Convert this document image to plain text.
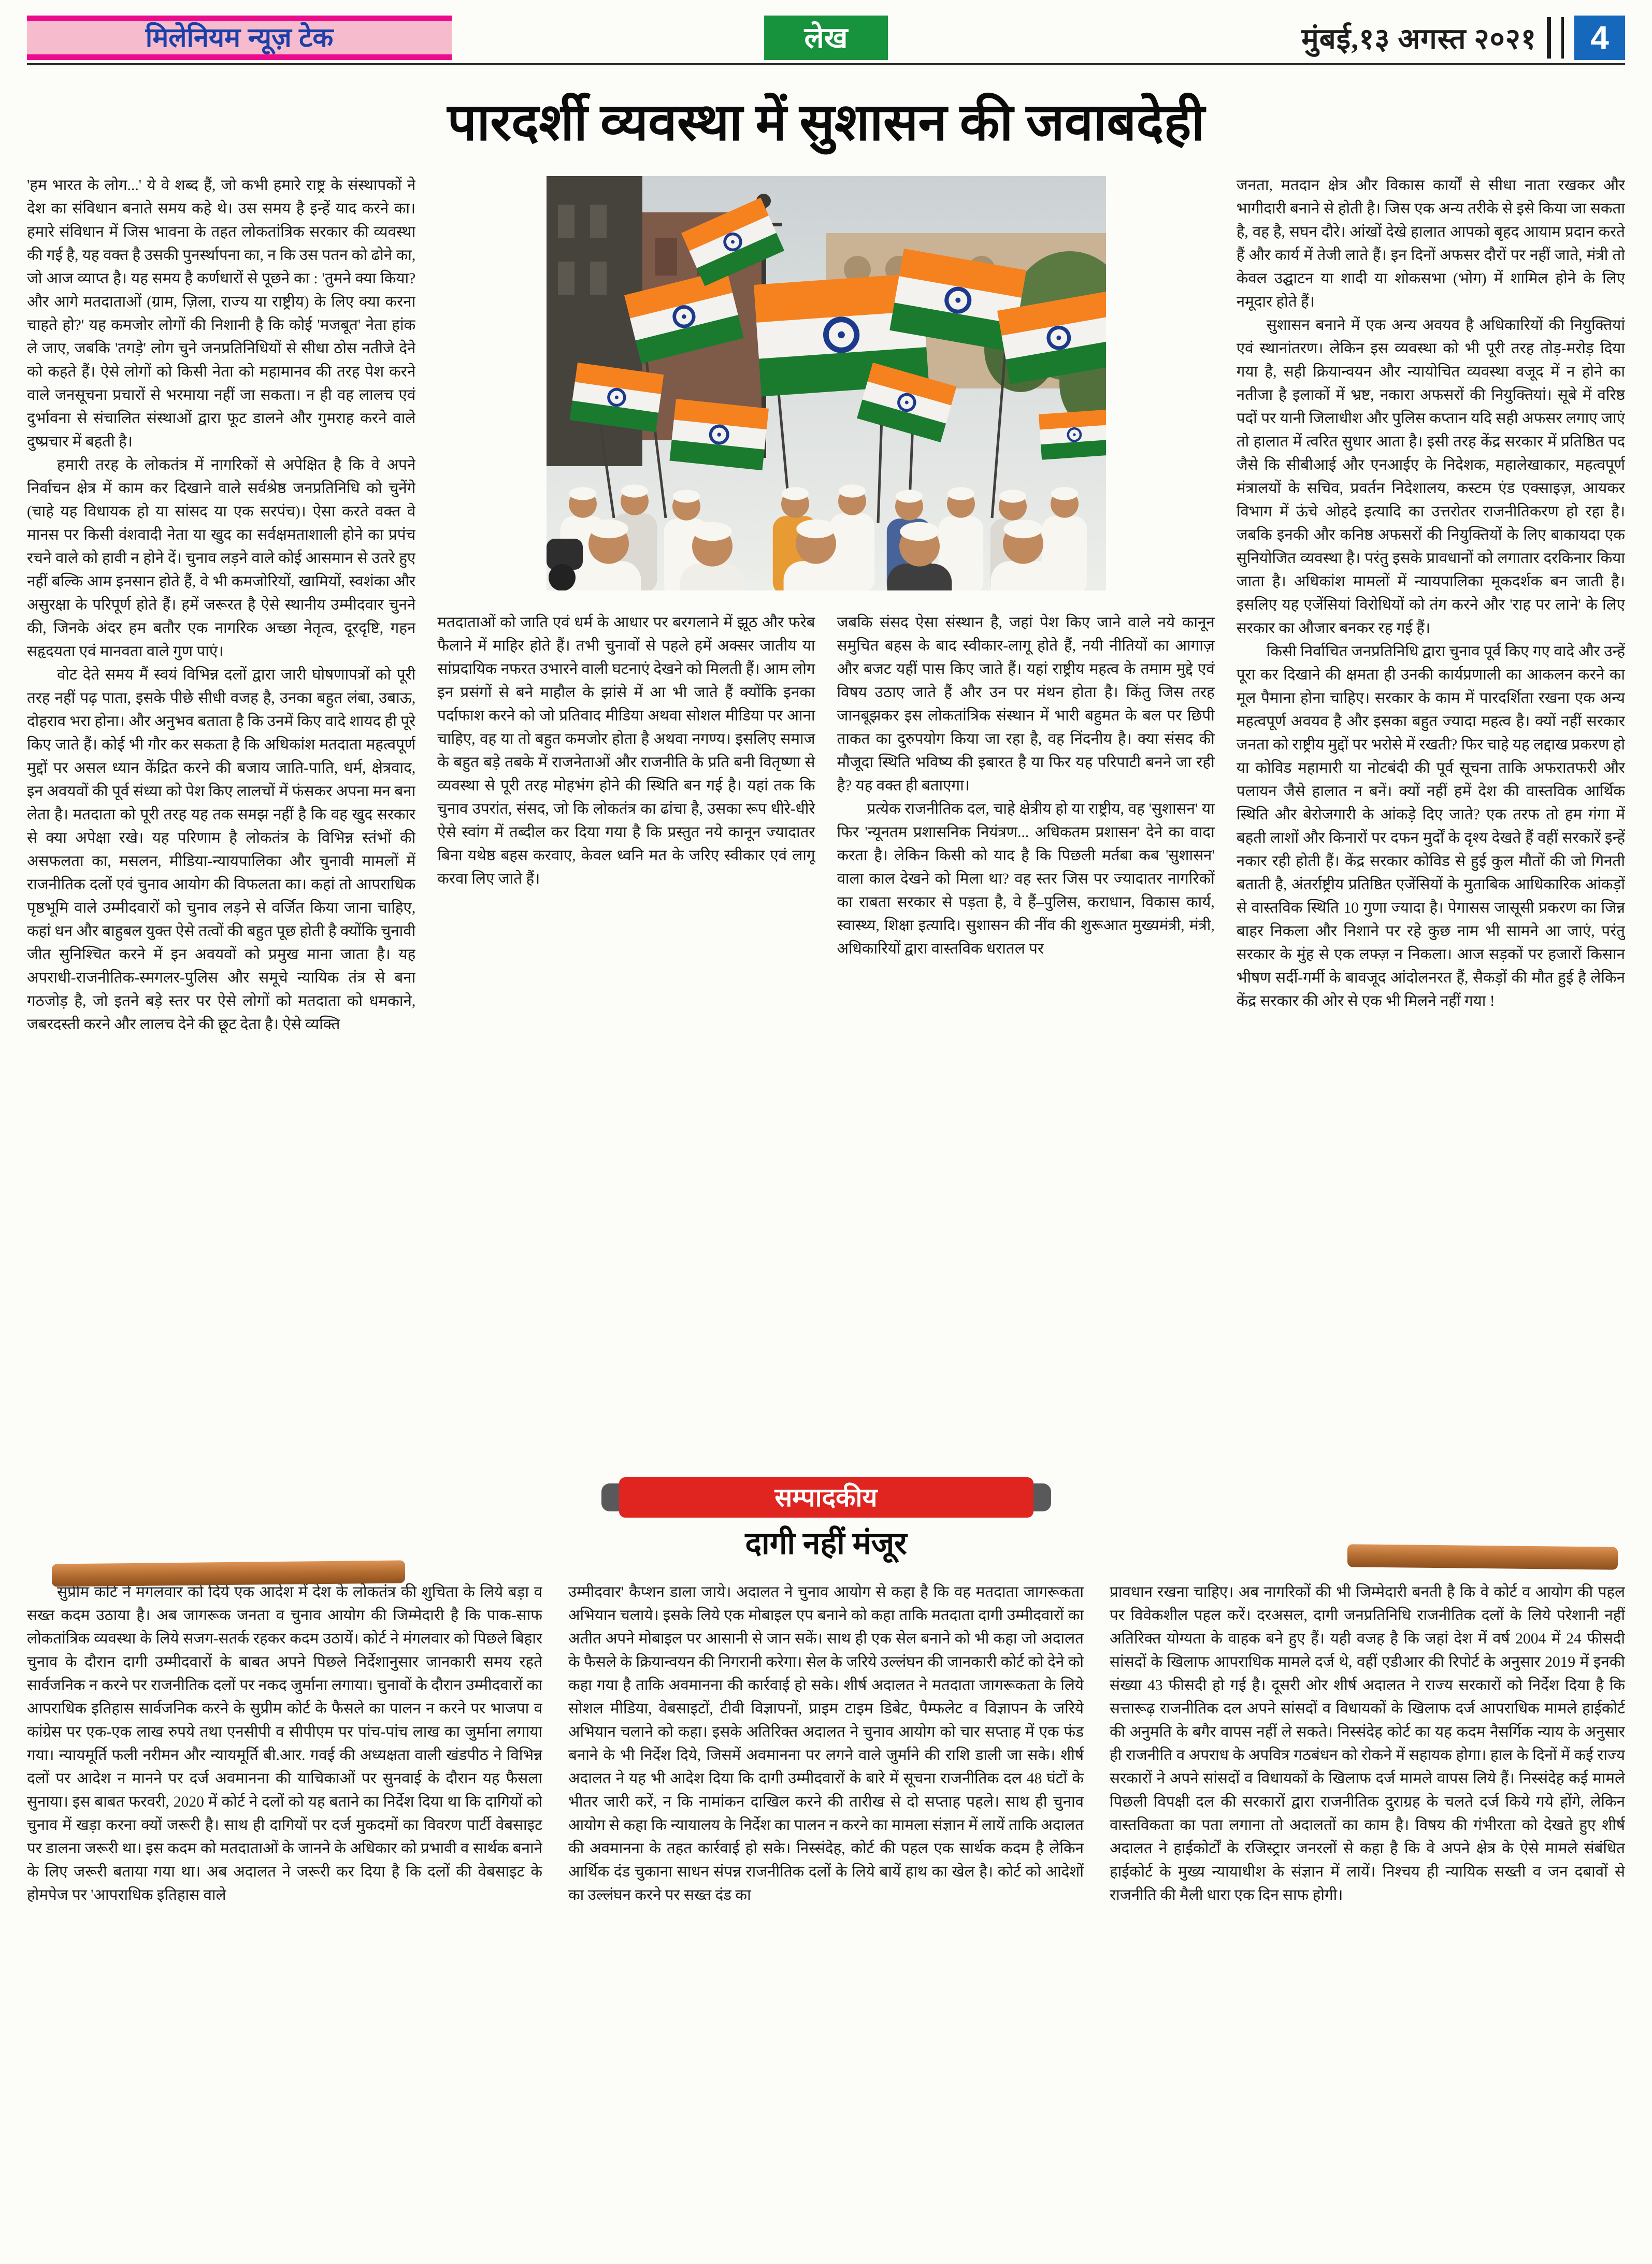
मिलेनियम न्यूज़ टेक	लेख	मुंबई,१३ अगस्त २०२१	4
पारदर्शी व्यवस्था में सुशासन की जवाबदेही

'हम भारत के लोग...' ये वे शब्द हैं, जो कभी हमारे राष्ट्र के संस्थापकों ने देश का संविधान बनाते समय कहे थे। उस समय है इन्हें याद करने का। हमारे संविधान में जिस भावना के तहत लोकतांत्रिक सरकार की व्यवस्था की गई है, यह वक्त है उसकी पुनर्स्थापना का, न कि उस पतन को ढोने का, जो आज व्याप्त है। यह समय है कर्णधारों से पूछने का : 'तुमने क्या किया? और आगे मतदाताओं (ग्राम, ज़िला, राज्य या राष्ट्रीय) के लिए क्या करना चाहते हो?' यह कमजोर लोगों की निशानी है कि कोई 'मजबूत' नेता हांक ले जाए, जबकि 'तगड़े' लोग चुने जनप्रतिनिधियों से सीधा ठोस नतीजे देने को कहते हैं। ऐसे लोगों को किसी नेता को महामानव की तरह पेश करने वाले जनसूचना प्रचारों से भरमाया नहीं जा सकता। न ही वह लालच एवं दुर्भावना से संचालित संस्थाओं द्वारा फूट डालने और गुमराह करने वाले दुष्प्रचार में बहती है।

हमारी तरह के लोकतंत्र में नागरिकों से अपेक्षित है कि वे अपने निर्वाचन क्षेत्र में काम कर दिखाने वाले सर्वश्रेष्ठ जनप्रतिनिधि को चुनेंगे (चाहे यह विधायक हो या सांसद या एक सरपंच)। ऐसा करते वक्त वे मानस पर किसी वंशवादी नेता या खुद का सर्वक्षमताशाली होने का प्रपंच रचने वाले को हावी न होने दें। चुनाव लड़ने वाले कोई आसमान से उतरे हुए नहीं बल्कि आम इनसान होते हैं, वे भी कमजोरियों, खामियों, स्वशंका और असुरक्षा के परिपूर्ण होते हैं। हमें जरूरत है ऐसे स्थानीय उम्मीदवार चुनने की, जिनके अंदर हम बतौर एक नागरिक अच्छा नेतृत्व, दूरदृष्टि, गहन सहृदयता एवं मानवता वाले गुण पाएं।

वोट देते समय मैं स्वयं विभिन्न दलों द्वारा जारी घोषणापत्रों को पूरी तरह नहीं पढ़ पाता, इसके पीछे सीधी वजह है, उनका बहुत लंबा, उबाऊ, दोहराव भरा होना। और अनुभव बताता है कि उनमें किए वादे शायद ही पूरे किए जाते हैं। कोई भी गौर कर सकता है कि अधिकांश मतदाता महत्वपूर्ण मुद्दों पर असल ध्यान केंद्रित करने की बजाय जाति-पाति, धर्म, क्षेत्रवाद, इन अवयवों की पूर्व संध्या को पेश किए लालचों में फंसकर अपना मन बना लेता है। मतदाता को पूरी तरह यह तक समझ नहीं है कि वह खुद सरकार से क्या अपेक्षा रखे। यह परिणाम है लोकतंत्र के विभिन्न स्तंभों की असफलता का, मसलन, मीडिया-न्यायपालिका और चुनावी मामलों में राजनीतिक दलों एवं चुनाव आयोग की विफलता का। कहां तो आपराधिक पृष्ठभूमि वाले उम्मीदवारों को चुनाव लड़ने से वर्जित किया जाना चाहिए, कहां धन और बाहुबल युक्त ऐसे तत्वों की बहुत पूछ होती है क्योंकि चुनावी जीत सुनिश्चित करने में इन अवयवों को प्रमुख माना जाता है। यह अपराधी-राजनीतिक-स्मगलर-पुलिस और समूचे न्यायिक तंत्र से बना गठजोड़ है, जो इतने बड़े स्तर पर ऐसे लोगों को मतदाता को धमकाने, जबरदस्ती करने और लालच देने की छूट देता है। ऐसे व्यक्ति

मतदाताओं को जाति एवं धर्म के आधार पर बरगलाने में झूठ और फरेब फैलाने में माहिर होते हैं। तभी चुनावों से पहले हमें अक्सर जातीय या सांप्रदायिक नफरत उभारने वाली घटनाएं देखने को मिलती हैं। आम लोग इन प्रसंगों से बने माहौल के झांसे में आ भी जाते हैं क्योंकि इनका पर्दाफाश करने को जो प्रतिवाद मीडिया अथवा सोशल मीडिया पर आना चाहिए, वह या तो बहुत कमजोर होता है अथवा नगण्य। इसलिए समाज के बहुत बड़े तबके में राजनेताओं और राजनीति के प्रति बनी वितृष्णा से व्यवस्था से पूरी तरह मोहभंग होने की स्थिति बन गई है। यहां तक कि चुनाव उपरांत, संसद, जो कि लोकतंत्र का ढांचा है, उसका रूप धीरे-धीरे ऐसे स्वांग में तब्दील कर दिया गया है कि प्रस्तुत नये कानून ज्यादातर बिना यथेष्ठ बहस करवाए, केवल ध्वनि मत के जरिए स्वीकार एवं लागू करवा लिए जाते हैं।

जबकि संसद ऐसा संस्थान है, जहां पेश किए जाने वाले नये कानून समुचित बहस के बाद स्वीकार-लागू होते हैं, नयी नीतियों का आगाज़ और बजट यहीं पास किए जाते हैं। यहां राष्ट्रीय महत्व के तमाम मुद्दे एवं विषय उठाए जाते हैं और उन पर मंथन होता है। किंतु जिस तरह जानबूझकर इस लोकतांत्रिक संस्थान में भारी बहुमत के बल पर छिपी ताकत का दुरुपयोग किया जा रहा है, वह निंदनीय है। क्या संसद की मौजूदा स्थिति भविष्य की इबारत है या फिर यह परिपाटी बनने जा रही है? यह वक्त ही बताएगा।

प्रत्येक राजनीतिक दल, चाहे क्षेत्रीय हो या राष्ट्रीय, वह 'सुशासन' या फिर 'न्यूनतम प्रशासनिक नियंत्रण... अधिकतम प्रशासन' देने का वादा करता है। लेकिन किसी को याद है कि पिछली मर्तबा कब 'सुशासन' वाला काल देखने को मिला था? वह स्तर जिस पर ज्यादातर नागरिकों का राबता सरकार से पड़ता है, वे हैं–पुलिस, कराधान, विकास कार्य, स्वास्थ्य, शिक्षा इत्यादि। सुशासन की नींव की शुरूआत मुख्यमंत्री, मंत्री, अधिकारियों द्वारा वास्तविक धरातल पर

जनता, मतदान क्षेत्र और विकास कार्यों से सीधा नाता रखकर और भागीदारी बनाने से होती है। जिस एक अन्य तरीके से इसे किया जा सकता है, वह है, सघन दौरे। आंखों देखे हालात आपको बृहद आयाम प्रदान करते हैं और कार्य में तेजी लाते हैं। इन दिनों अफसर दौरों पर नहीं जाते, मंत्री तो केवल उद्घाटन या शादी या शोकसभा (भोग) में शामिल होने के लिए नमूदार होते हैं।

सुशासन बनाने में एक अन्य अवयव है अधिकारियों की नियुक्तियां एवं स्थानांतरण। लेकिन इस व्यवस्था को भी पूरी तरह तोड़-मरोड़ दिया गया है, सही क्रियान्वयन और न्यायोचित व्यवस्था वजूद में न होने का नतीजा है इलाकों में भ्रष्ट, नकारा अफसरों की नियुक्तियां। सूबे में वरिष्ठ पदों पर यानी जिलाधीश और पुलिस कप्तान यदि सही अफसर लगाए जाएं तो हालात में त्वरित सुधार आता है। इसी तरह केंद्र सरकार में प्रतिष्ठित पद जैसे कि सीबीआई और एनआईए के निदेशक, महालेखाकार, महत्वपूर्ण मंत्रालयों के सचिव, प्रवर्तन निदेशालय, कस्टम एंड एक्साइज़, आयकर विभाग में ऊंचे ओहदे इत्यादि का उत्तरोतर राजनीतिकरण हो रहा है। जबकि इनकी और कनिष्ठ अफसरों की नियुक्तियों के लिए बाकायदा एक सुनियोजित व्यवस्था है। परंतु इसके प्रावधानों को लगातार दरकिनार किया जाता है। अधिकांश मामलों में न्यायपालिका मूकदर्शक बन जाती है। इसलिए यह एजेंसियां विरोधियों को तंग करने और 'राह पर लाने' के लिए सरकार का औजार बनकर रह गई हैं।

किसी निर्वाचित जनप्रतिनिधि द्वारा चुनाव पूर्व किए गए वादे और उन्हें पूरा कर दिखाने की क्षमता ही उनकी कार्यप्रणाली का आकलन करने का मूल पैमाना होना चाहिए। सरकार के काम में पारदर्शिता रखना एक अन्य महत्वपूर्ण अवयव है और इसका बहुत ज्यादा महत्व है। क्यों नहीं सरकार जनता को राष्ट्रीय मुद्दों पर भरोसे में रखती? फिर चाहे यह लद्दाख प्रकरण हो या कोविड महामारी या नोटबंदी की पूर्व सूचना ताकि अफरातफरी और पलायन जैसे हालात न बनें। क्यों नहीं हमें देश की वास्तविक आर्थिक स्थिति और बेरोजगारी के आंकड़े दिए जाते? एक तरफ तो हम गंगा में बहती लाशों और किनारों पर दफन मुर्दों के दृश्य देखते हैं वहीं सरकारें इन्हें नकार रही होती हैं। केंद्र सरकार कोविड से हुई कुल मौतों की जो गिनती बताती है, अंतर्राष्ट्रीय प्रतिष्ठित एजेंसियों के मुताबिक आधिकारिक आंकड़ों से वास्तविक स्थिति 10 गुणा ज्यादा है। पेगासस जासूसी प्रकरण का जिन्न बाहर निकला और निशाने पर रहे कुछ नाम भी सामने आ जाएं, परंतु सरकार के मुंह से एक लफ्ज़ न निकला। आज सड़कों पर हजारों किसान भीषण सर्दी-गर्मी के बावजूद आंदोलनरत हैं, सैकड़ों की मौत हुई है लेकिन केंद्र सरकार की ओर से एक भी मिलने नहीं गया !

सम्पादकीय
दागी नहीं मंजूर

सुप्रीम कोर्ट ने मंगलवार को दिये एक आदेश में देश के लोकतंत्र की शुचिता के लिये बड़ा व सख्त कदम उठाया है। अब जागरूक जनता व चुनाव आयोग की जिम्मेदारी है कि पाक-साफ लोकतांत्रिक व्यवस्था के लिये सजग-सतर्क रहकर कदम उठायें। कोर्ट ने मंगलवार को पिछले बिहार चुनाव के दौरान दागी उम्मीदवारों के बाबत अपने पिछले निर्देशानुसार जानकारी समय रहते सार्वजनिक न करने पर राजनीतिक दलों पर नकद जुर्माना लगाया। चुनावों के दौरान उम्मीदवारों का आपराधिक इतिहास सार्वजनिक करने के सुप्रीम कोर्ट के फैसले का पालन न करने पर भाजपा व कांग्रेस पर एक-एक लाख रुपये तथा एनसीपी व सीपीएम पर पांच-पांच लाख का जुर्माना लगाया गया। न्यायमूर्ति फली नरीमन और न्यायमूर्ति बी.आर. गवई की अध्यक्षता वाली खंडपीठ ने विभिन्न दलों पर आदेश न मानने पर दर्ज अवमानना की याचिकाओं पर सुनवाई के दौरान यह फैसला सुनाया। इस बाबत फरवरी, 2020 में कोर्ट ने दलों को यह बताने का निर्देश दिया था कि दागियों को चुनाव में खड़ा करना क्यों जरूरी है। साथ ही दागियों पर दर्ज मुकदमों का विवरण पार्टी वेबसाइट पर डालना जरूरी था। इस कदम को मतदाताओं के जानने के अधिकार को प्रभावी व सार्थक बनाने के लिए जरूरी बताया गया था। अब अदालत ने जरूरी कर दिया है कि दलों की वेबसाइट के होमपेज पर 'आपराधिक इतिहास वाले

उम्मीदवार' कैप्शन डाला जाये। अदालत ने चुनाव आयोग से कहा है कि वह मतदाता जागरूकता अभियान चलाये। इसके लिये एक मोबाइल एप बनाने को कहा ताकि मतदाता दागी उम्मीदवारों का अतीत अपने मोबाइल पर आसानी से जान सकें। साथ ही एक सेल बनाने को भी कहा जो अदालत के फैसले के क्रियान्वयन की निगरानी करेगा। सेल के जरिये उल्लंघन की जानकारी कोर्ट को देने को कहा गया है ताकि अवमानना की कार्रवाई हो सके। शीर्ष अदालत ने मतदाता जागरूकता के लिये सोशल मीडिया, वेबसाइटों, टीवी विज्ञापनों, प्राइम टाइम डिबेट, पैम्फलेट व विज्ञापन के जरिये अभियान चलाने को कहा। इसके अतिरिक्त अदालत ने चुनाव आयोग को चार सप्ताह में एक फंड बनाने के भी निर्देश दिये, जिसमें अवमानना पर लगने वाले जुर्माने की राशि डाली जा सके। शीर्ष अदालत ने यह भी आदेश दिया कि दागी उम्मीदवारों के बारे में सूचना राजनीतिक दल 48 घंटों के भीतर जारी करें, न कि नामांकन दाखिल करने की तारीख से दो सप्ताह पहले। साथ ही चुनाव आयोग से कहा कि न्यायालय के निर्देश का पालन न करने का मामला संज्ञान में लायें ताकि अदालत की अवमानना के तहत कार्रवाई हो सके। निस्संदेह, कोर्ट की पहल एक सार्थक कदम है लेकिन आर्थिक दंड चुकाना साधन संपन्न राजनीतिक दलों के लिये बायें हाथ का खेल है। कोर्ट को आदेशों का उल्लंघन करने पर सख्त दंड का

प्रावधान रखना चाहिए। अब नागरिकों की भी जिम्मेदारी बनती है कि वे कोर्ट व आयोग की पहल पर विवेकशील पहल करें। दरअसल, दागी जनप्रतिनिधि राजनीतिक दलों के लिये परेशानी नहीं अतिरिक्त योग्यता के वाहक बने हुए हैं। यही वजह है कि जहां देश में वर्ष 2004 में 24 फीसदी सांसदों के खिलाफ आपराधिक मामले दर्ज थे, वहीं एडीआर की रिपोर्ट के अनुसार 2019 में इनकी संख्या 43 फीसदी हो गई है। दूसरी ओर शीर्ष अदालत ने राज्य सरकारों को निर्देश दिया है कि सत्तारूढ़ राजनीतिक दल अपने सांसदों व विधायकों के खिलाफ दर्ज आपराधिक मामले हाईकोर्ट की अनुमति के बगैर वापस नहीं ले सकते। निस्संदेह कोर्ट का यह कदम नैसर्गिक न्याय के अनुसार ही राजनीति व अपराध के अपवित्र गठबंधन को रोकने में सहायक होगा। हाल के दिनों में कई राज्य सरकारों ने अपने सांसदों व विधायकों के खिलाफ दर्ज मामले वापस लिये हैं। निस्संदेह कई मामले पिछली विपक्षी दल की सरकारों द्वारा राजनीतिक दुराग्रह के चलते दर्ज किये गये होंगे, लेकिन वास्तविकता का पता लगाना तो अदालतों का काम है। विषय की गंभीरता को देखते हुए शीर्ष अदालत ने हाईकोर्टों के रजिस्ट्रार जनरलों से कहा है कि वे अपने क्षेत्र के ऐसे मामले संबंधित हाईकोर्ट के मुख्य न्यायाधीश के संज्ञान में लायें। निश्चय ही न्यायिक सख्ती व जन दबावों से राजनीति की मैली धारा एक दिन साफ होगी।
